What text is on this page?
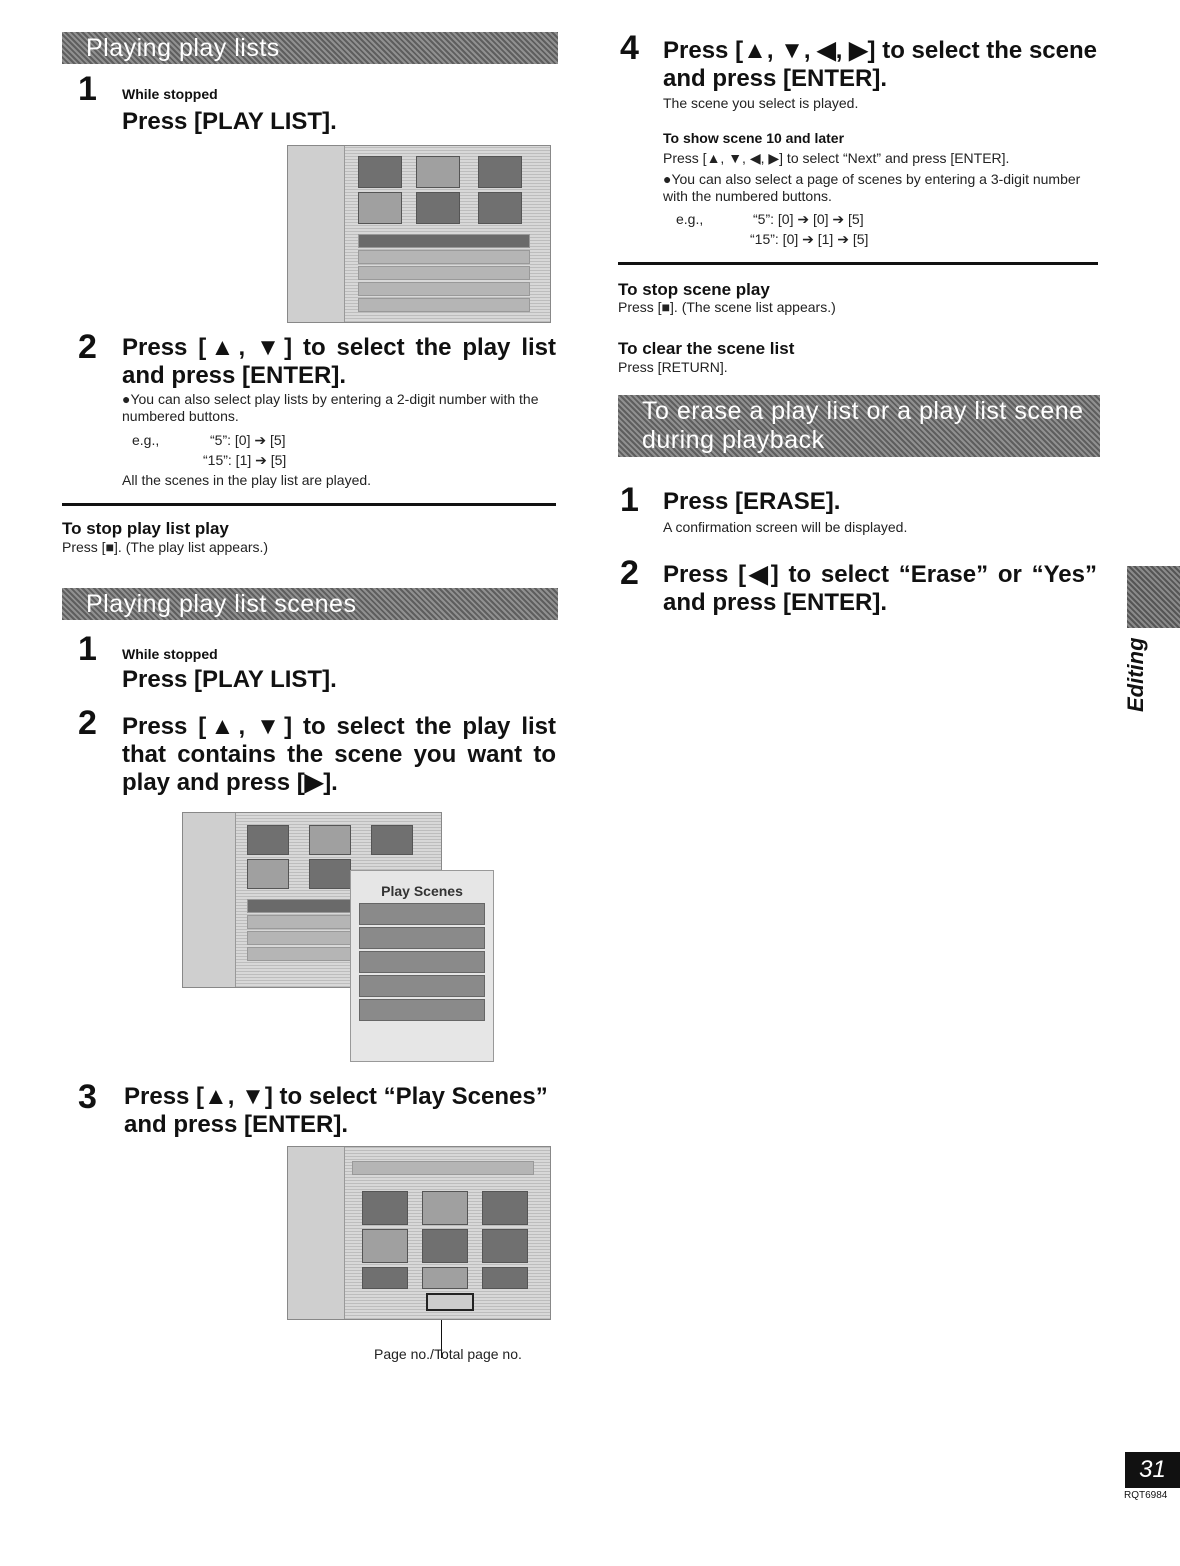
Playing play lists
1 While stopped
Press [PLAY LIST].
2 Press [▲, ▼] to select the play list and press [ENTER].
●You can also select play lists by entering a 2-digit number with the numbered buttons.
e.g.,	“5”: [0] ➔ [5]
“15”: [1] ➔ [5]
All the scenes in the play list are played.
To stop play list play
Press [■]. (The play list appears.)
Playing play list scenes
1 While stopped
Press [PLAY LIST].
2 Press [▲, ▼] to select the play list that contains the scene you want to play and press [▶].
Play Scenes
3 Press [▲, ▼] to select “Play Scenes” and press [ENTER].
Page no./Total page no.
4 Press [▲, ▼, ◀, ▶] to select the scene and press [ENTER].
The scene you select is played.
To show scene 10 and later
Press [▲, ▼, ◀, ▶] to select “Next” and press [ENTER].
●You can also select a page of scenes by entering a 3-digit number with the numbered buttons.
e.g.,	“5”: [0] ➔ [0] ➔ [5]
“15”: [0] ➔ [1] ➔ [5]
To stop scene play
Press [■]. (The scene list appears.)
To clear the scene list
Press [RETURN].
To erase a play list or a play list scene
during playback
1 Press [ERASE].
A confirmation screen will be displayed.
2 Press [◀] to select “Erase” or “Yes” and press [ENTER].
Editing
31
RQT6984
